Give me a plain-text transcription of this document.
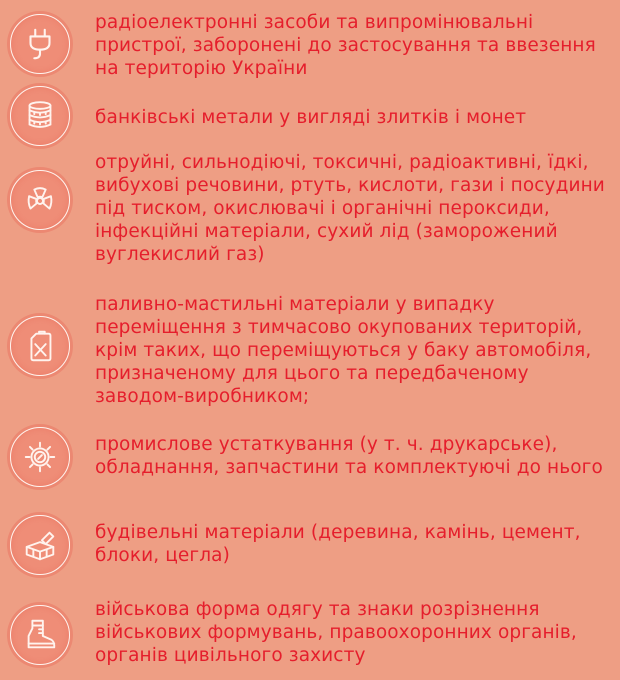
радіоелектронні засоби та випромінювальні пристрої, заборонені до застосування та ввезення на територію України

банківські метали у вигляді злитків і монет

отруйні, сильнодіючі, токсичні, радіоактивні, їдкі, вибухові речовини, ртуть, кислоти, гази і посудини під тиском, окислювачі і органічні пероксиди, інфекційні матеріали, сухий лід (заморожений вуглекислий газ)

паливно-мастильні матеріали у випадку переміщення з тимчасово окупованих територій, крім таких, що переміщуються у баку автомобіля, призначеному для цього та передбаченому заводом-виробником;

промислове устаткування (у т. ч. друкарське), обладнання, запчастини та комплектуючі до нього

будівельні матеріали (деревина, камінь, цемент, блоки, цегла)

військова форма одягу та знаки розрізнення військових формувань, правоохоронних органів, органів цивільного захисту
